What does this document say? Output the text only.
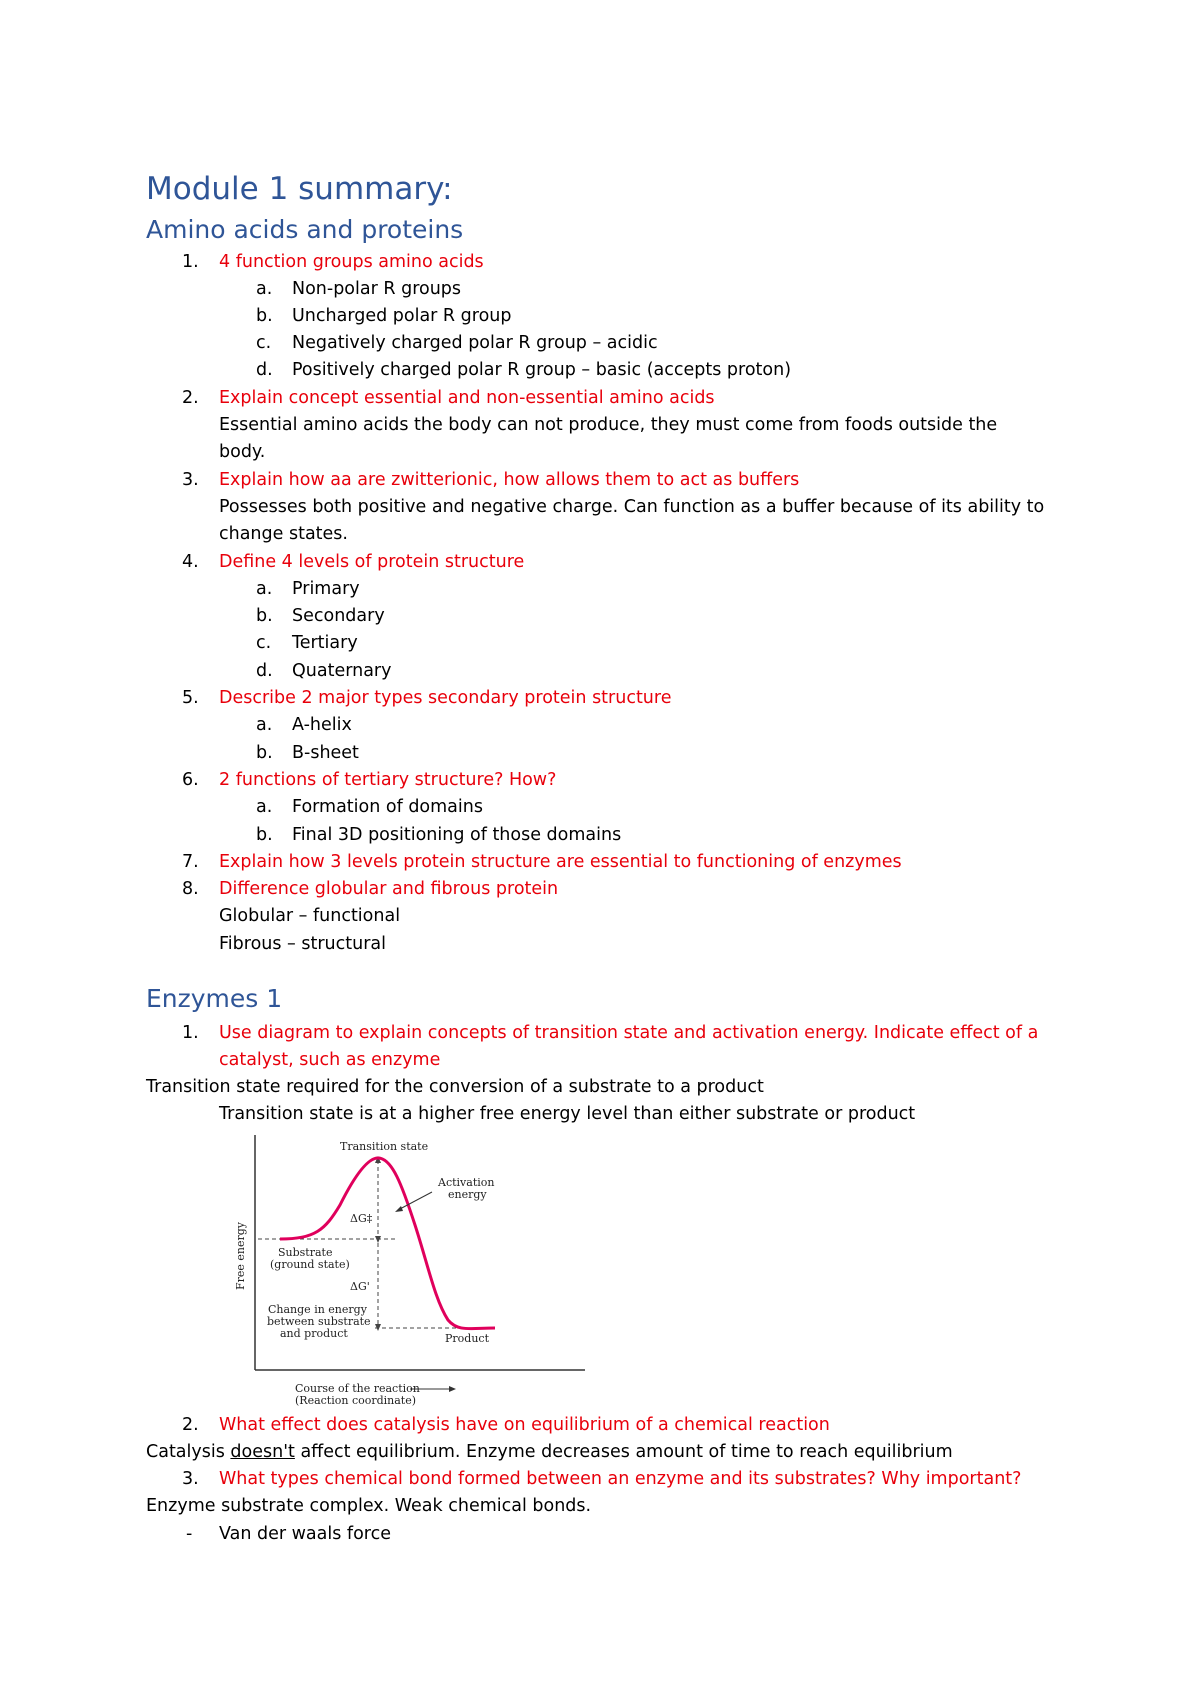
Module 1 summary:
Amino acids and proteins
1. 4 function groups amino acids
a. Non-polar R groups
b. Uncharged polar R group
c. Negatively charged polar R group – acidic
d. Positively charged polar R group – basic (accepts proton)
2. Explain concept essential and non-essential amino acids
Essential amino acids the body can not produce, they must come from foods outside the
body.
3. Explain how aa are zwitterionic, how allows them to act as buffers
Possesses both positive and negative charge. Can function as a buffer because of its ability to
change states.
4. Define 4 levels of protein structure
a. Primary
b. Secondary
c. Tertiary
d. Quaternary
5. Describe 2 major types secondary protein structure
a. A-helix
b. B-sheet
6. 2 functions of tertiary structure? How?
a. Formation of domains
b. Final 3D positioning of those domains
7. Explain how 3 levels protein structure are essential to functioning of enzymes
8. Difference globular and fibrous protein
Globular – functional
Fibrous – structural
Enzymes 1
1. Use diagram to explain concepts of transition state and activation energy. Indicate effect of a
catalyst, such as enzyme
Transition state required for the conversion of a substrate to a product
Transition state is at a higher free energy level than either substrate or product
Transition state
Activation
energy
ΔG‡
ΔG'
Substrate
(ground state)
Change in energy
between substrate
and product	Product
Free energy
Course of the reaction
(Reaction coordinate)
2. What effect does catalysis have on equilibrium of a chemical reaction
Catalysis doesn't affect equilibrium. Enzyme decreases amount of time to reach equilibrium
3. What types chemical bond formed between an enzyme and its substrates? Why important?
Enzyme substrate complex. Weak chemical bonds.
- Van der waals force
